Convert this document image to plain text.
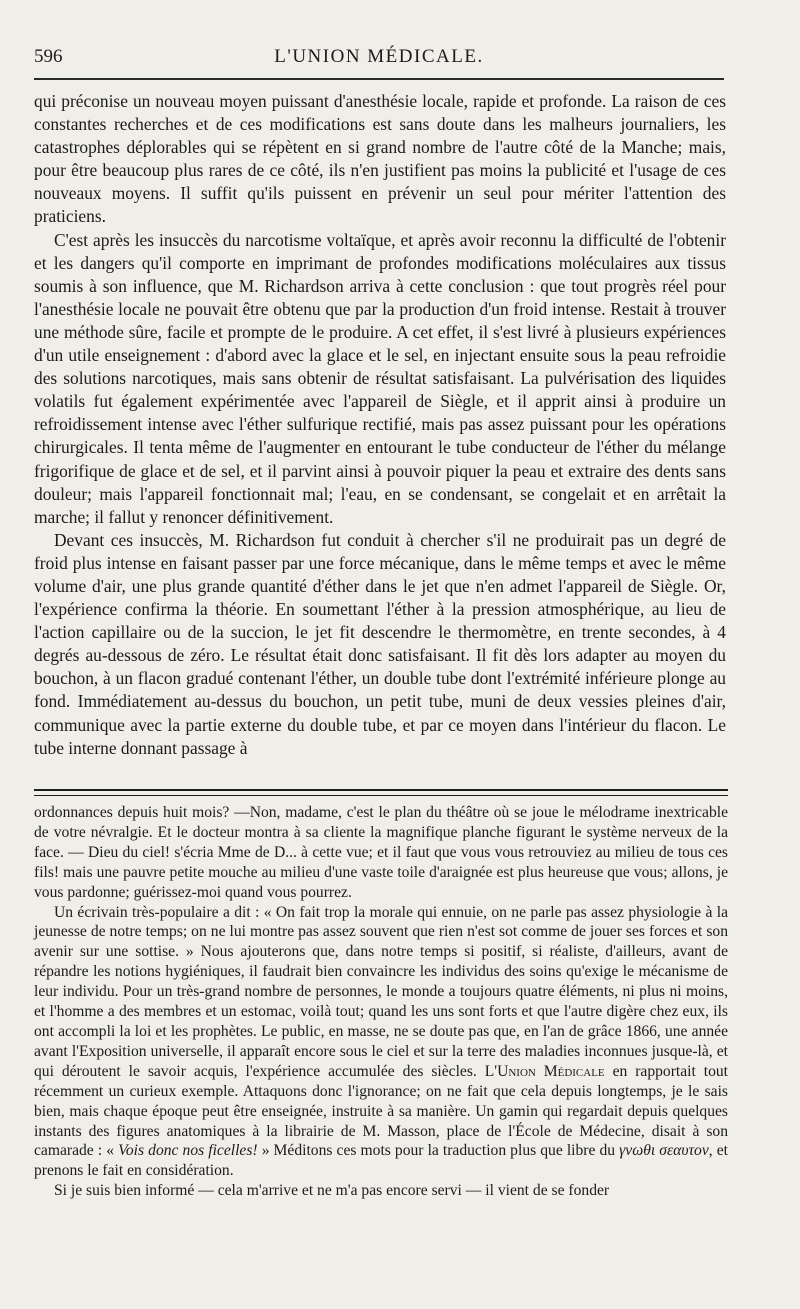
596	L'UNION MÉDICALE.

qui préconise un nouveau moyen puissant d'anesthésie locale, rapide et profonde. La raison de ces constantes recherches et de ces modifications est sans doute dans les malheurs journaliers, les catastrophes déplorables qui se répètent en si grand nombre de l'autre côté de la Manche; mais, pour être beaucoup plus rares de ce côté, ils n'en justifient pas moins la publicité et l'usage de ces nouveaux moyens. Il suffit qu'ils puissent en prévenir un seul pour mériter l'attention des praticiens.

C'est après les insuccès du narcotisme voltaïque, et après avoir reconnu la difficulté de l'obtenir et les dangers qu'il comporte en imprimant de profondes modifications moléculaires aux tissus soumis à son influence, que M. Richardson arriva à cette conclusion : que tout progrès réel pour l'anesthésie locale ne pouvait être obtenu que par la production d'un froid intense. Restait à trouver une méthode sûre, facile et prompte de le produire. A cet effet, il s'est livré à plusieurs expériences d'un utile enseignement : d'abord avec la glace et le sel, en injectant ensuite sous la peau refroidie des solutions narcotiques, mais sans obtenir de résultat satisfaisant. La pulvérisation des liquides volatils fut également expérimentée avec l'appareil de Siègle, et il apprit ainsi à produire un refroidissement intense avec l'éther sulfurique rectifié, mais pas assez puissant pour les opérations chirurgicales. Il tenta même de l'augmenter en entourant le tube conducteur de l'éther du mélange frigorifique de glace et de sel, et il parvint ainsi à pouvoir piquer la peau et extraire des dents sans douleur; mais l'appareil fonctionnait mal; l'eau, en se condensant, se congelait et en arrêtait la marche; il fallut y renoncer définitivement.

Devant ces insuccès, M. Richardson fut conduit à chercher s'il ne produirait pas un degré de froid plus intense en faisant passer par une force mécanique, dans le même temps et avec le même volume d'air, une plus grande quantité d'éther dans le jet que n'en admet l'appareil de Siègle. Or, l'expérience confirma la théorie. En soumettant l'éther à la pression atmosphérique, au lieu de l'action capillaire ou de la succion, le jet fit descendre le thermomètre, en trente secondes, à 4 degrés au-dessous de zéro. Le résultat était donc satisfaisant. Il fit dès lors adapter au moyen du bouchon, à un flacon gradué contenant l'éther, un double tube dont l'extrémité inférieure plonge au fond. Immédiatement au-dessus du bouchon, un petit tube, muni de deux vessies pleines d'air, communique avec la partie externe du double tube, et par ce moyen dans l'intérieur du flacon. Le tube interne donnant passage à

ordonnances depuis huit mois? —Non, madame, c'est le plan du théâtre où se joue le mélodrame inextricable de votre névralgie. Et le docteur montra à sa cliente la magnifique planche figurant le système nerveux de la face. — Dieu du ciel! s'écria Mme de D... à cette vue; et il faut que vous vous retrouviez au milieu de tous ces fils! mais une pauvre petite mouche au milieu d'une vaste toile d'araignée est plus heureuse que vous; allons, je vous pardonne; guérissez-moi quand vous pourrez.

Un écrivain très-populaire a dit : « On fait trop la morale qui ennuie, on ne parle pas assez physiologie à la jeunesse de notre temps; on ne lui montre pas assez souvent que rien n'est sot comme de jouer ses forces et son avenir sur une sottise. » Nous ajouterons que, dans notre temps si positif, si réaliste, d'ailleurs, avant de répandre les notions hygiéniques, il faudrait bien convaincre les individus des soins qu'exige le mécanisme de leur individu. Pour un très-grand nombre de personnes, le monde a toujours quatre éléments, ni plus ni moins, et l'homme a des membres et un estomac, voilà tout; quand les uns sont forts et que l'autre digère chez eux, ils ont accompli la loi et les prophètes. Le public, en masse, ne se doute pas que, en l'an de grâce 1866, une année avant l'Exposition universelle, il apparaît encore sous le ciel et sur la terre des maladies inconnues jusque-là, et qui déroutent le savoir acquis, l'expérience accumulée des siècles. L'Union Médicale en rapportait tout récemment un curieux exemple. Attaquons donc l'ignorance; on ne fait que cela depuis longtemps, je le sais bien, mais chaque époque peut être enseignée, instruite à sa manière. Un gamin qui regardait depuis quelques instants des figures anatomiques à la librairie de M. Masson, place de l'École de Médecine, disait à son camarade : « Vois donc nos ficelles! » Méditons ces mots pour la traduction plus que libre du γνωθι σεαυτον, et prenons le fait en considération.

Si je suis bien informé — cela m'arrive et ne m'a pas encore servi — il vient de se fonder
